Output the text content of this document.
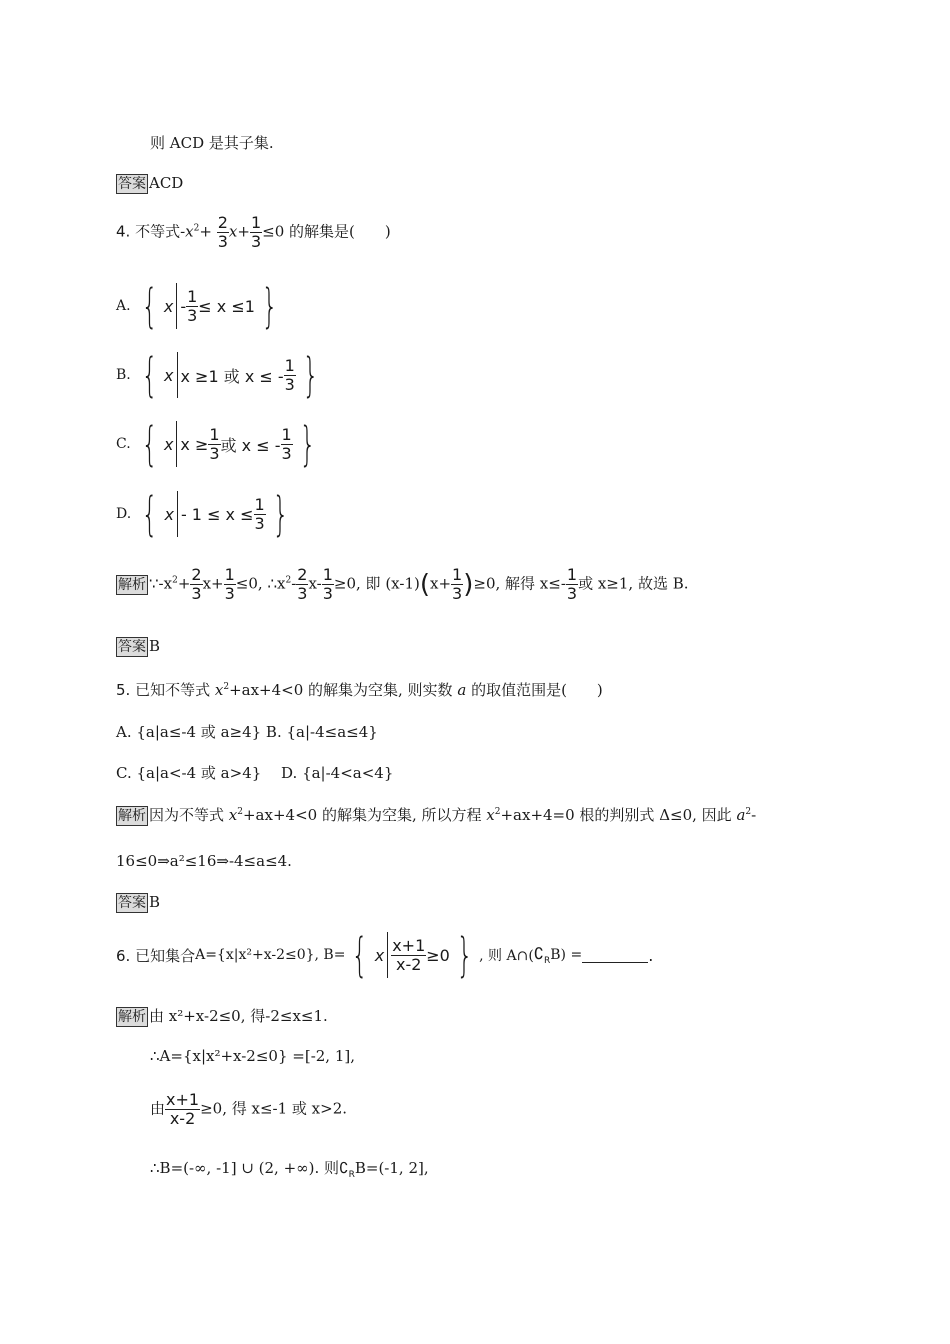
则 ACD 是其子集.
答案 ACD
4. 不等式$-x^2+ \frac{2}{3} x+ \frac{1}{3} \le 0$ 的解集是(　　)
A. { $x - \frac{1}{3} \le x \le 1$ }
B. { x x ≥1 或 x ≤ - $\frac{1}{3}$ }
C. { x $x \ge \frac{1}{3}$ 或 x ≤ - $\frac{1}{3}$ }
D. { $x - 1 \le x \le \frac{1}{3}$ }
解析 $\because-x^2+ \frac{2}{3} x+ \frac{1}{3} \le 0$, $\therefore x^2- \frac{2}{3} x- \frac{1}{3} \ge 0$, 即 $(x-1)(x+ \frac{1}{3} )\ge 0$, 解得 $x\le- \frac{1}{3}$ 或 x≥1, 故选 B.
答案 B
5. 已知不等式 $x^2+ax+4<0$ 的解集为空集, 则实数 a 的取值范围是(　　)
A. {a|a≤-4 或 a≥4} B. {a|-4≤a≤4}
C. {a|a<-4 或 a>4}　 D. {a|-4<a<4}
解析 因为不等式 $x^2+ax+4<0$ 的解集为空集, 所以方程 $x^2+ax+4=0$ 根的判别式 Δ≤0, 因此 $a^2-$
16≤0⇒a²≤16⇒-4≤a≤4.
答案 B
6. 已知集合 A={x|x²+x-2≤0}, B= { x $\frac{x+1}{x-2} \ge 0$ } , 则 A∩( $∁_R$ B) =	.
解析 由 x²+x-2≤0, 得-2≤x≤1.
∴A={x|x²+x-2≤0} =[-2, 1],
由 $\frac{x+1}{x-2} \ge 0$, 得 x≤-1 或 x>2.
∴B=(-∞, -1] ∪ (2, +∞). 则$∁_RB=(-1$, 2],
